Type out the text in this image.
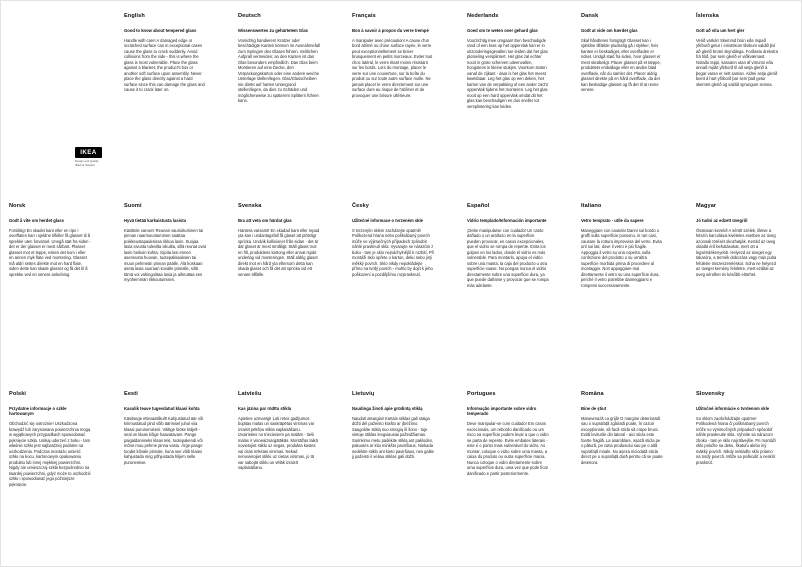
IKEA
Design and Quality
IKEA of Sweden
English
Good to know about tempered glass

Handle with care! A damaged edge or scratched surface can in exceptional cases cause the glass to crack suddenly. Avoid collisions from the side - this is where the glass is most vulnerable. Place the glass against a blanket, the product's box or another soft surface upon assembly. Never place the glass directly against a hard surface since this can damage the glass and cause it to crack later on.

Deutsch
Wissenswertes zu gehärtetem Glas

Vorsichtig handieren! Kratzer oder beschädigte Kanten können im Ausnahmefall zum Springen des Glases führen. Seitlichen Aufprall vermeiden; an den Kanten ist das Glas besonders empfindlich. Das Glas beim Montieren auf eine Decke, den Verpackungskarton oder eine andere weiche Unterlage stellen/legen. Glas/Glasscheiben nie direkt auf harten Untergrund stellen/legen, da dies zu Schäden und möglicherweise zu späterem Splittern führen kann.

Français
Bon à savoir à propos du verre trempé

A manipuler avec précaution! A cause d'un bord abîmé ou d'une surface rayée, le verre peut exceptionnellement se briser brusquement en petits morceaux. Eviter tout choc latéral, le verre étant moins résistant sur les bords. Lors du montage, placer le verre sur une couverture, sur la boîte du produit ou sur toute autre surface molle. Ne jamais placer le verre directement sur une surface dure au risque de l'abîmer et de provoquer une brisure ultérieure.

Nederlands
Goed om te weten over gehard glas

Voorzichtig mee omgaan! Een beschadigde rand of een kras op het oppervlak kan er in uitzonderingsgevallen toe leiden dat het glas plotseling versplintert. Het glas zal echter nooit in grote scherven uiteenvallen, hoogstens in kleine stukjes. Voorkom stoten vanaf de zijkant - daar is het glas het meest kwetsbaar. Leg het glas op een deken, het karton van de verpakking of een ander zacht oppervlak tijdens het monteren. Leg het glas nooit op een hard oppervlak omdat dit het glas kan beschadigen en dus sneller tot versplintering kan leiden.

Dansk
Godt at vide om hærdet glas

Skal håndteres forsigtigt! Glasset kan i sjældne tilfælde pludselig gå i stykker, hvis kanten er beskadiget, eller overfladen er ridset. Undgå stød fra siden, hvor glasset er mest skrøbeligt. Placer glasset på et tæppe, produktets emballage eller en anden blød overflade, når du samler det. Placer aldrig glasset direkte på en hård overflade, da det kan beskadige glasset og få det til at revne senere.

Íslenska
Gott að vita um hert gler

Verið varkár! Skemmd brún eða rispað yfirborð getur í einstökum tilvikum valdið því að glerið brotni skyndilega. Forðastu árekstra frá hlið, þar sem glerið er viðkvæmast. Notaðu teppi, kassann utan af vörunni eða annað mjúkt yfirborð til að setja glerið á þegar varan er sett saman. Aldrei setja glerið beint á hart yfirborð þar sem það getur skemmt glerið og valdið sprungum seinna.

Norsk
Godt å vite om herdet glass

Forsiktig! En skadet kant eller en ripe i overflaten kan i sjeldne tilfeller få glasset til å sprekke uten forvarsel. Unngå støt fra siden - det er der glasset er mest sårbart. Plasser glasset mot et teppe, esken det kom i eller en annen myk flate ved montering. Glasset må aldri settes direkte mot en hard flate, siden dette kan skade glasset og få det til å sprekke ved en senere anledning.

Suomi
Hyvä tietää karkaistusta lasista

Käsittele varoen! Reunan vaurioituminen tai pinnan naarmuuntuminen saattaa poikkeustapauksissa rikkoa lasin. Suojaa lasia sivusta tulevilta iskuilta, sillä reunat ovat lasin heikoin kohta. Sijoita lasi ennen asennusta huovan, tuotepakkauksen tai muun pehmeän pinnan päälle. Älä koskaan aseta lasia suoraan kovalle pinnalle, sillä tämä voi vahingoittaa lasia ja aiheuttaa sen myöhemmän rikkoutumisen.

Svenska
Bra att veta om härdat glas

Hantera varsamt! En skadad kant eller repad yta kan i undantagsfall få glaset att plötsligt spricka. Undvik kollisioner från sidan - det är där glaset är mest ömtåligt. Ställ glaset mot en filt, produktens kartong eller annat mjukt underlag vid monteringen. Ställ aldrig glaset direkt mot en hård yta eftersom detta kan skada glaset och få det att spricka vid ett senare tillfälle.

Česky
Užitečné informace o tvrzeném skle

S tvrzeným sklem zacházejte opatrně! Poškozená hrana nebo poškrábaný povrch může ve výjimečných případech způsobit náhlé prasknutí skla. Vyvarujte se nárazům z boku - tam je sklo nejnáchylnější k rozbití. Při montáži sklo opřete o karton, deku nebo jiný měkký povrch. Sklo nikdy nepokládejte přímo na tvrdý povrch - mohlo by dojít k jeho poškození a pozdějšímu rozprasknutí.

Español
Vidrio templado/Información importante

¡Debe manipularse con cuidado! Un canto dañado o un arañazo en la superficie pueden provocar, en casos excepcionales, que el vidrio se rompa de repente. Evita los golpes en los lados, donde el vidrio es más vulnerable. Para montarlo, apoya el vidrio sobre una manta, la caja del producto u otra superficie suave. No pongas nunca el vidrio directamente sobre una superficie dura, ya que puede dañarse y provocar que se rompa más adelante.

Italiano
Vetro temprato - utile da sapere

Maneggiare con cautela! Danni sul bordo o graffi sulla superficie possono, in rari casi, causare la rottura improvvisa del vetro. Evita urti sui lati, dove il vetro è più fragile. Appoggia il vetro su una coperta, sulla confezione del prodotto o su un'altra superficie morbida prima di procedere al montaggio. Non appoggiare mai direttamente il vetro su una superficie dura, perché il vetro potrebbe danneggiarsi e rompersi successivamente.

Magyar
Jó tudni az edzett üvegről

Óvatosan kezeld! A sérült szélek, illetve a felszín karcolásai kivételes esetben az üveg azonnali törését okozhatják. Kerüld az üveg oldalát érő behatásokat, mert ott a legsérülékenyebb. Helyezd az üveget egy takaróra, a termék dobozára vagy más puha felületre összeszereléskor. Soha ne helyezd az üveget kemény felületre, mert ezáltal az üveg sérülhet és később eltörhet.

Polski
Przydatne informacje o szkle hartowanym

Obchodzić się ostrożnie! Uszkodzona krawędź lub zarysowana powierzchnia mogą w wyjątkowych przypadkach spowodować pęknięcie szkła. Unikaj uderzeń z boku - tam właśnie szkło jest najbardziej podatne na uszkodzenia. Podczas montażu umieść szkło na kocu, kartonowym opakowaniu produktu lub innej miękkiej powierzchni. Nigdy nie umieszczaj szkła bezpośrednio na twardej powierzchni, gdyż może to uszkodzić szkło i spowodować jego późniejsze pęknięcie.

Eesti
Kasulik teave tugevdatud klaasi kohta

Käsitsege ettevaatlikult! Kahjustatud äär või kriimustatud pind võib äärmisel juhul viia klaasi purunemiseni. Vältige lööke küljelt - seal on klaas kõige haavatavam. Pange paigaldamiseks klaas teki, tootepakendi või mõne muu pehme pinna vastu. Ärge pange toodet kõvale pinnale, kuna see võib klaasi kahjustada ning põhjustada hiljem selle purunemise.

Latviešu
Kas jāzina par rūdītu stiklu

Apieties uzmanīgi! Ļoti retos gadījumos bojātas malas un saskrāpētas virsmas var izraisīt pēkšņu stikla saplaisāšanu. Izvairieties no triecieniem pa malām - tieši malas ir visneaizsargātākās. Montāžas laikā novietojiet stiklu uz segas, produkta kastes vai citas mīkstas virsmas. Nekad nenovietojiet stiklu uz cietas virsmas, jo tā var sabojāt stiklu un vēlāk izraisīt saplaisāšanu.

Lietuvių
Naudinga žinoti apie grūdintą stiklą

Naudoti atsargiai! Kartais stiklas gali staiga dūžti dėl pažeisto krašto ar įbrėžimo. Saugokite stiklą nuo smūgių iš šono - toje vietoje stiklas lengviausiai pažeidžiamas. Surinkimo metu padėkite stiklą ant paklodės, pakuotės ar kito minkšto paviršiaus. Niekada nedėkite stiklo ant kieto paviršiaus, nes galite jį pažeisti ir vėliau stiklas gali dūžti.

Portugues
Informação importante sobre vidro temperado

Deve manipular-se com cuidado! Em casos excecionais, um rebordo danificado ou um risco na superfície podem levar a que o vidro se parta de repente. Evite embates laterais - este é o ponto mais vulnerável do vidro. Ao montar, coloque o vidro sobre uma manta, a caixa do produto ou outra superfície macia. Nunca coloque o vidro diretamente sobre uma superfície dura, uma vez que pode ficar danificado e partir posteriormente.

Româna
Bine de ştiut

Manevrează cu grijă! O margine deteriorată sau o suprafață zgâriată poate, în cazuri excepționale, să facă sticla să crape brusc. Evită loviturile din lateral - aici sticla este foarte fragilă. La asamblare, așază sticla pe o pătură, pe cutia produsului sau pe o altă suprafață moale. Nu așeza niciodată sticla direct pe o suprafață dură pentru că se poate deteriora.

Slovensky
Užitočné informácie o tvrdenom skle

So sklom zaobchádzajte opatrne! Poškodená hrana či poškriabaný povrch môže vo výnimočných prípadoch spôsobiť náhle prasknutie skla. Vyhnite sa nárazom zboku - tam je sklo najcitlivejšie. Pri montáži sklo položte na deku, škatuľu alebo iný mäkký povrch. Nikdy neklaďte sklo priamo na tvrdý povrch. Môže sa poškodiť a neskôr prasknúť.
